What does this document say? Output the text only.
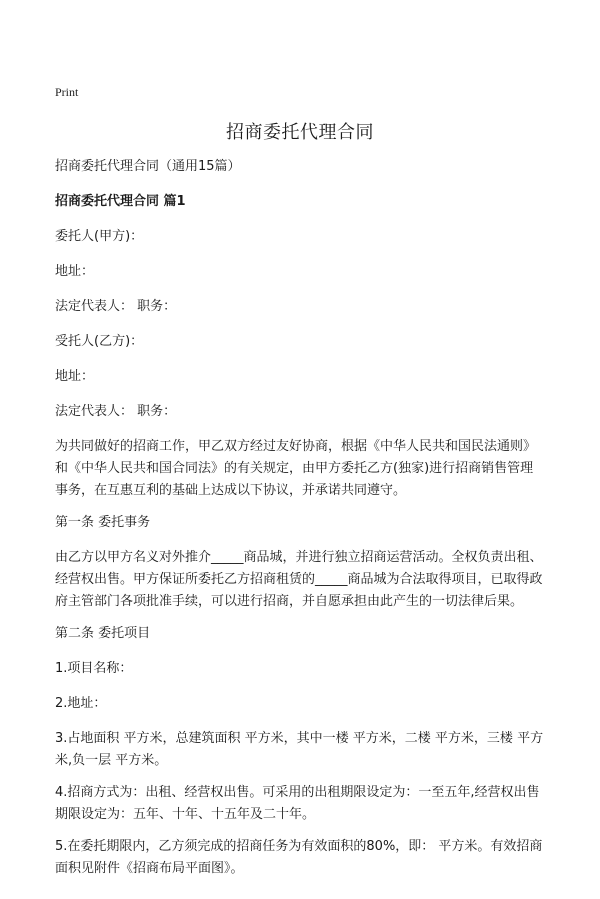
Print
招商委托代理合同

招商委托代理合同（通用15篇）

招商委托代理合同 篇1

委托人(甲方)：

地址：

法定代表人： 职务：

受托人(乙方)：

地址：

法定代表人： 职务：

为共同做好的招商工作，甲乙双方经过友好协商，根据《中华人民共和国民法通则》和《中华人民共和国合同法》的有关规定，由甲方委托乙方(独家)进行招商销售管理事务，在互惠互利的基础上达成以下协议，并承诺共同遵守。

第一条 委托事务

由乙方以甲方名义对外推介_____商品城，并进行独立招商运营活动。全权负责出租、经营权出售。甲方保证所委托乙方招商租赁的_____商品城为合法取得项目，已取得政府主管部门各项批准手续，可以进行招商，并自愿承担由此产生的一切法律后果。

第二条 委托项目

1.项目名称：

2.地址：

3.占地面积 平方米，总建筑面积 平方米，其中一楼 平方米，二楼 平方米，三楼 平方米,负一层 平方米。

4.招商方式为：出租、经营权出售。可采用的出租期限设定为：一至五年,经营权出售期限设定为：五年、十年、十五年及二十年。

5.在委托期限内，乙方须完成的招商任务为有效面积的80%，即： 平方米。有效招商面积见附件《招商布局平面图》。
